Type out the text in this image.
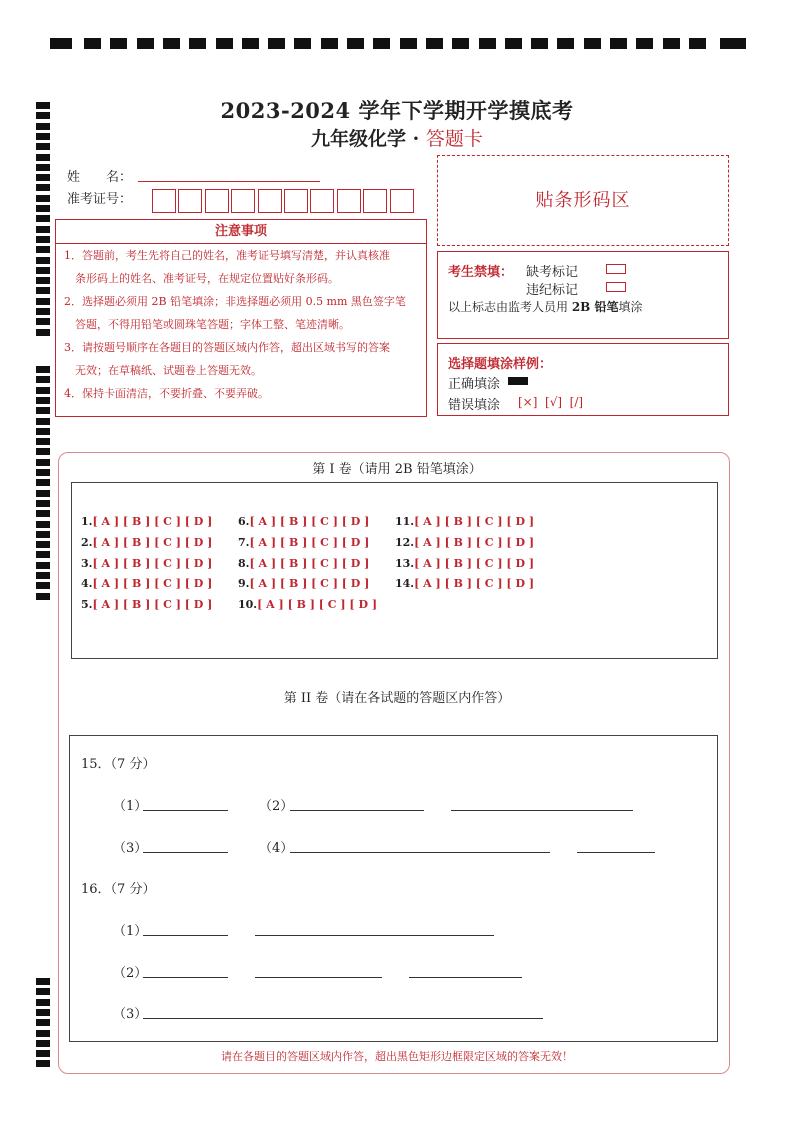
2023-2024 学年下学期开学摸底考
九年级化学 · 答题卡
姓　　名：
准考证号：
注意事项
1．答题前，考生先将自己的姓名，准考证号填写清楚，并认真核准
　条形码上的姓名、准考证号，在规定位置贴好条形码。
2．选择题必须用 2B 铅笔填涂；非选择题必须用 0.5 mm 黑色签字笔
　答题，不得用铅笔或圆珠笔答题；字体工整、笔迹清晰。
3．请按题号顺序在各题目的答题区域内作答，超出区域书写的答案
　无效；在草稿纸、试题卷上答题无效。
4．保持卡面清洁，不要折叠、不要弄破。
贴条形码区
考生禁填： 缺考标记
违纪标记
以上标志由监考人员用 2B 铅笔填涂
选择题填涂样例：
正确填涂
错误填涂 [×]  [√]  [/]
第 I 卷（请用 2B 铅笔填涂）
1.[ A ] [ B ] [ C ] [ D ]
2.[ A ] [ B ] [ C ] [ D ]
3.[ A ] [ B ] [ C ] [ D ]
4.[ A ] [ B ] [ C ] [ D ]
5.[ A ] [ B ] [ C ] [ D ]
6.[ A ] [ B ] [ C ] [ D ]
7.[ A ] [ B ] [ C ] [ D ]
8.[ A ] [ B ] [ C ] [ D ]
9.[ A ] [ B ] [ C ] [ D ]
10.[ A ] [ B ] [ C ] [ D ]
11.[ A ] [ B ] [ C ] [ D ]
12.[ A ] [ B ] [ C ] [ D ]
13.[ A ] [ B ] [ C ] [ D ]
14.[ A ] [ B ] [ C ] [ D ]
第 II 卷（请在各试题的答题区内作答）
15．（7 分）
（1）	（2）
（3）	（4）
16．（7 分）
（1）
（2）
（3）
请在各题目的答题区域内作答，超出黑色矩形边框限定区域的答案无效！
